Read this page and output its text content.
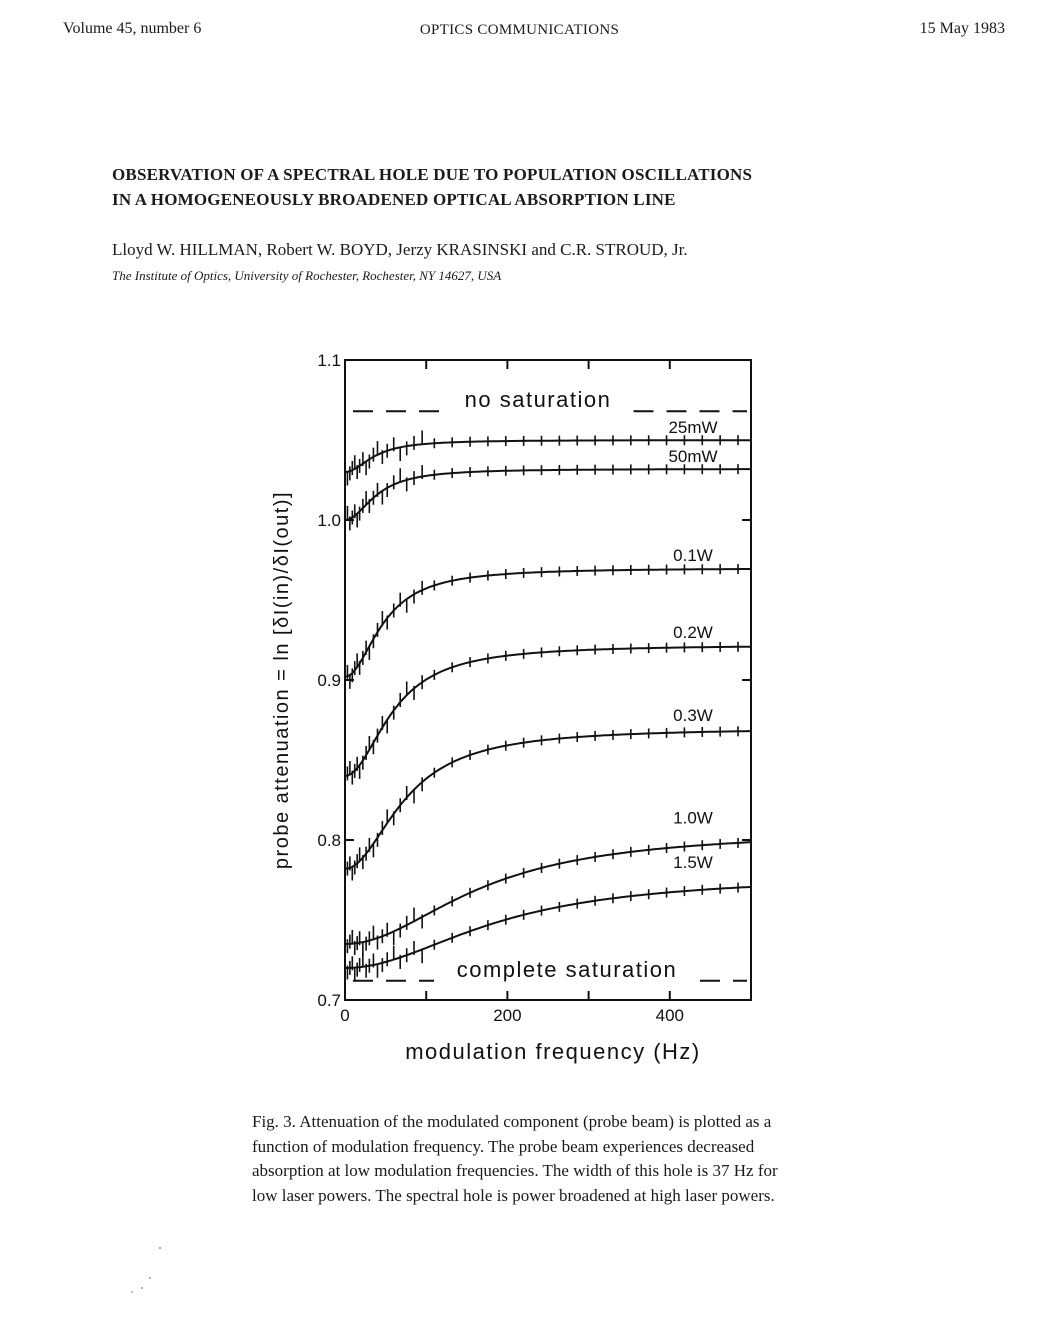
Volume 45, number 6	OPTICS COMMUNICATIONS	15 May 1983
OBSERVATION OF A SPECTRAL HOLE DUE TO POPULATION OSCILLATIONS
IN A HOMOGENEOUSLY BROADENED OPTICAL ABSORPTION LINE
Lloyd W. HILLMAN, Robert W. BOYD, Jerzy KRASINSKI and C.R. STROUD, Jr.
The Institute of Optics, University of Rochester, Rochester, NY 14627, USA
no saturation
complete saturation
0.7
0.8
0.9
1.0
1.1
0	200	400
25mW
50mW
0.1W
0.2W
0.3W
1.0W
1.5W
modulation frequency (Hz)
probe attenuation = ln [δI(in)/δI(out)]

Fig. 3. Attenuation of the modulated component (probe beam) is plotted as a function of modulation frequency. The probe beam experiences decreased absorption at low modulation frequencies. The width of this hole is 37 Hz for low laser powers. The spectral hole is power broadened at high laser powers.
